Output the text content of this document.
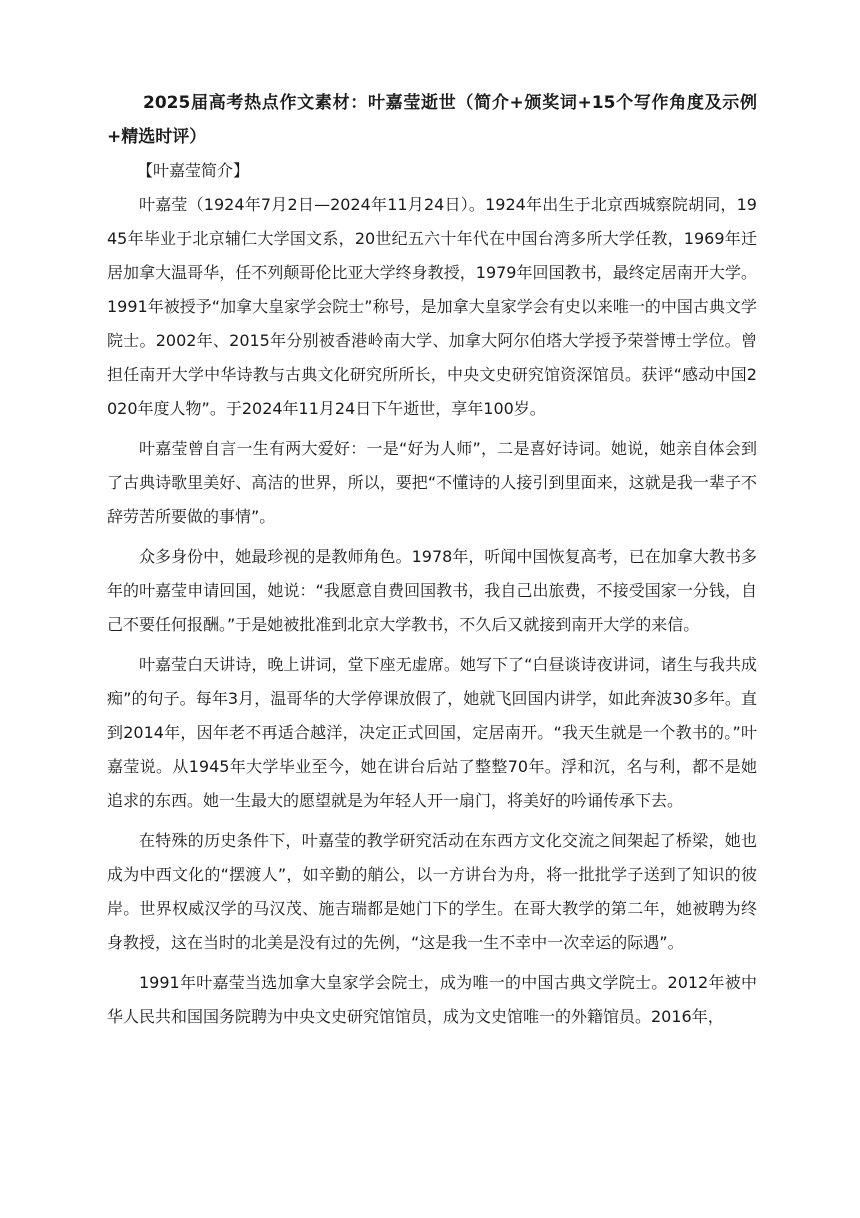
2025届高考热点作文素材：叶嘉莹逝世（简介+颁奖词+15个写作角度及示例+精选时评）

【叶嘉莹简介】

叶嘉莹（1924年7月2日—2024年11月24日）。1924年出生于北京西城察院胡同，1945年毕业于北京辅仁大学国文系，20世纪五六十年代在中国台湾多所大学任教，1969年迁居加拿大温哥华，任不列颠哥伦比亚大学终身教授，1979年回国教书，最终定居南开大学。1991年被授予“加拿大皇家学会院士”称号，是加拿大皇家学会有史以来唯一的中国古典文学院士。2002年、2015年分别被香港岭南大学、加拿大阿尔伯塔大学授予荣誉博士学位。曾担任南开大学中华诗教与古典文化研究所所长，中央文史研究馆资深馆员。获评“感动中国2020年度人物”。于2024年11月24日下午逝世，享年100岁。

叶嘉莹曾自言一生有两大爱好：一是“好为人师”，二是喜好诗词。她说，她亲自体会到了古典诗歌里美好、高洁的世界，所以，要把“不懂诗的人接引到里面来，这就是我一辈子不辞劳苦所要做的事情”。

众多身份中，她最珍视的是教师角色。1978年，听闻中国恢复高考，已在加拿大教书多年的叶嘉莹申请回国，她说：“我愿意自费回国教书，我自己出旅费，不接受国家一分钱，自己不要任何报酬。”于是她被批准到北京大学教书，不久后又就接到南开大学的来信。

叶嘉莹白天讲诗，晚上讲词，堂下座无虚席。她写下了“白昼谈诗夜讲词，诸生与我共成痴”的句子。每年3月，温哥华的大学停课放假了，她就飞回国内讲学，如此奔波30多年。直到2014年，因年老不再适合越洋，决定正式回国，定居南开。“我天生就是一个教书的。”叶嘉莹说。从1945年大学毕业至今，她在讲台后站了整整70年。浮和沉，名与利，都不是她追求的东西。她一生最大的愿望就是为年轻人开一扇门，将美好的吟诵传承下去。

在特殊的历史条件下，叶嘉莹的教学研究活动在东西方文化交流之间架起了桥梁，她也成为中西文化的“摆渡人”，如辛勤的艄公，以一方讲台为舟，将一批批学子送到了知识的彼岸。世界权威汉学的马汉茂、施吉瑞都是她门下的学生。在哥大教学的第二年，她被聘为终身教授，这在当时的北美是没有过的先例，“这是我一生不幸中一次幸运的际遇”。

1991年叶嘉莹当选加拿大皇家学会院士，成为唯一的中国古典文学院士。2012年被中华人民共和国国务院聘为中央文史研究馆馆员，成为文史馆唯一的外籍馆员。2016年，
